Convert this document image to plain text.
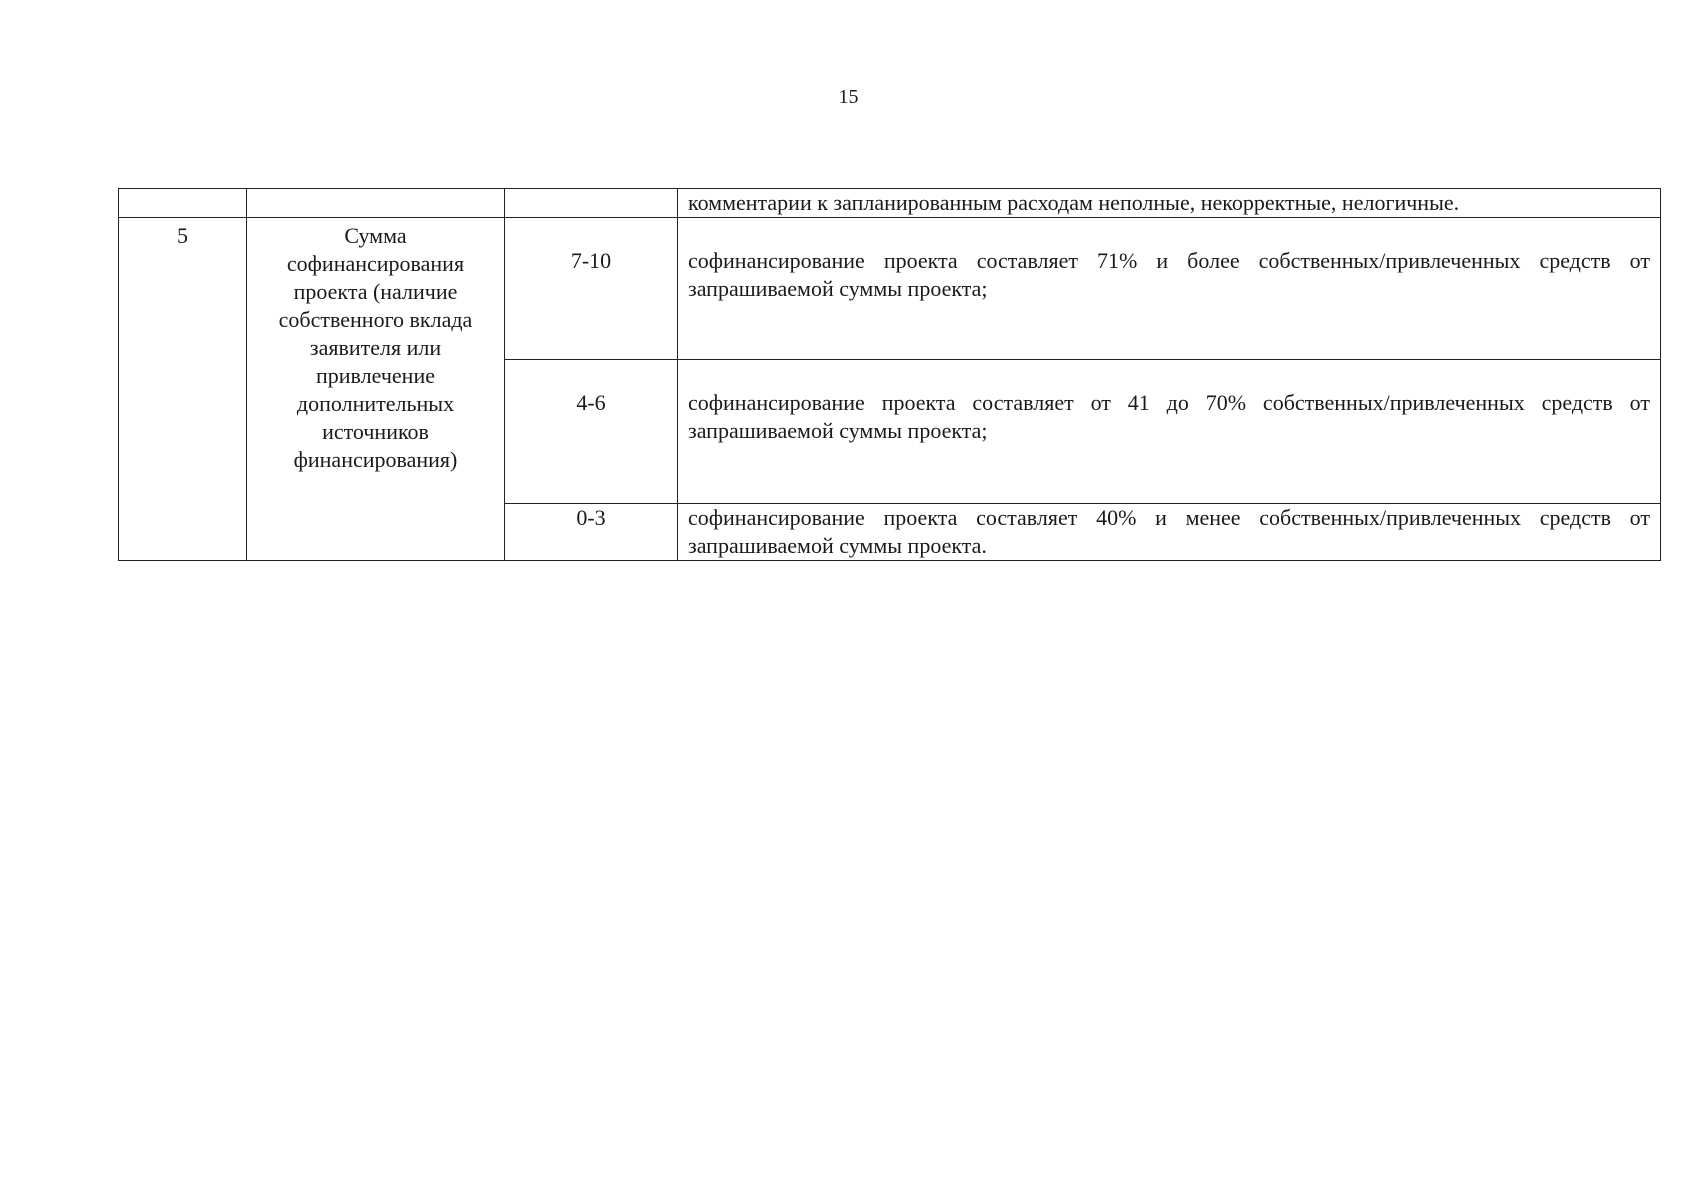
15
			комментарии к запланированным расходам неполные, некорректные, нелогичные.
5	Сумма софинансирования проекта (наличие собственного вклада заявителя или привлечение дополнительных источников финансирования)	7-10	софинансирование проекта составляет 71% и более собственных/привлеченных средств от запрашиваемой суммы проекта;
		4-6	софинансирование проекта составляет от 41 до 70% собственных/привлеченных средств от запрашиваемой суммы проекта;
		0-3	софинансирование проекта составляет 40% и менее собственных/привлеченных средств от запрашиваемой суммы проекта.
